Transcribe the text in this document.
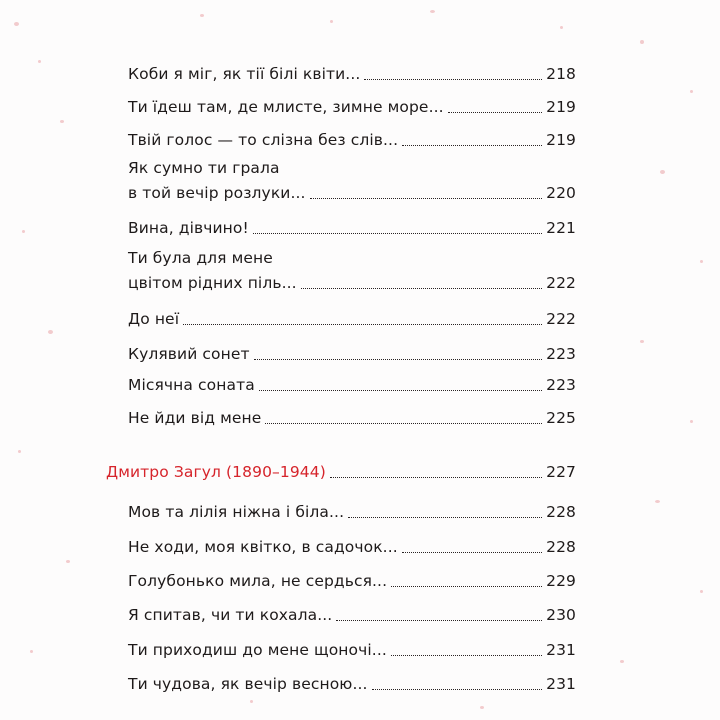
Коби я міг, як тії білі квіти...	218
Ти їдеш там, де млисте, зимне море...	219
Твій голос — то слізна без слів...	219
Як сумно ти грала
в той вечір розлуки...	220
Вина, дівчино!	221
Ти була для мене
цвітом рідних піль...	222
До неї	222
Кулявий сонет	223
Місячна соната	223
Не йди від мене	225
Дмитро Загул (1890–1944)	227
Мов та лілія ніжна і біла...	228
Не ходи, моя квітко, в садочок...	228
Голубонько мила, не сердься...	229
Я спитав, чи ти кохала...	230
Ти приходиш до мене щоночі...	231
Ти чудова, як вечір весною...	231
